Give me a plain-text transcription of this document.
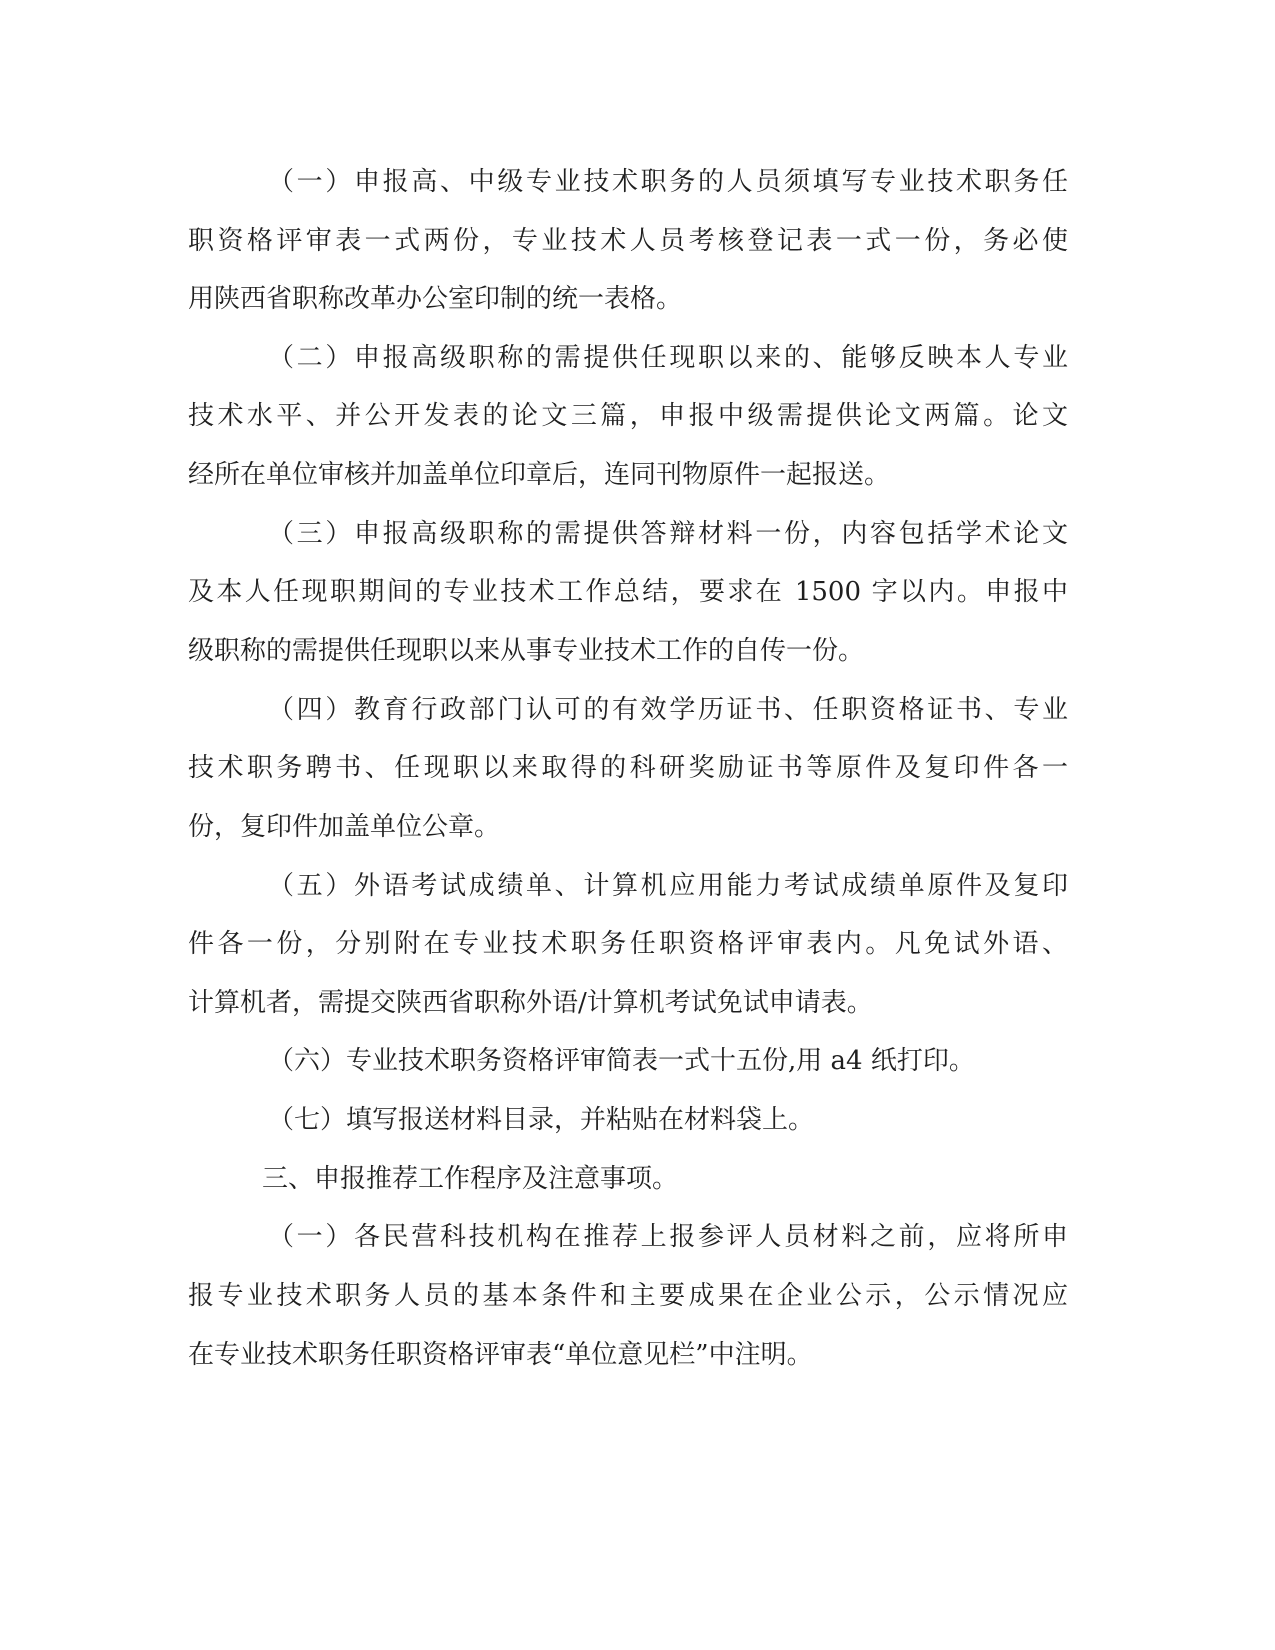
（一）申报高、中级专业技术职务的人员须填写专业技术职务任

职资格评审表一式两份，专业技术人员考核登记表一式一份，务必使

用陕西省职称改革办公室印制的统一表格。

（二）申报高级职称的需提供任现职以来的、能够反映本人专业

技术水平、并公开发表的论文三篇，申报中级需提供论文两篇。论文

经所在单位审核并加盖单位印章后，连同刊物原件一起报送。

（三）申报高级职称的需提供答辩材料一份，内容包括学术论文

及本人任现职期间的专业技术工作总结，要求在 1500 字以内。申报中

级职称的需提供任现职以来从事专业技术工作的自传一份。

（四）教育行政部门认可的有效学历证书、任职资格证书、专业

技术职务聘书、任现职以来取得的科研奖励证书等原件及复印件各一

份，复印件加盖单位公章。

（五）外语考试成绩单、计算机应用能力考试成绩单原件及复印

件各一份，分别附在专业技术职务任职资格评审表内。凡免试外语、

计算机者，需提交陕西省职称外语/计算机考试免试申请表。

（六）专业技术职务资格评审简表一式十五份,用 a4 纸打印。

（七）填写报送材料目录，并粘贴在材料袋上。

三、申报推荐工作程序及注意事项。

（一）各民营科技机构在推荐上报参评人员材料之前，应将所申

报专业技术职务人员的基本条件和主要成果在企业公示，公示情况应

在专业技术职务任职资格评审表“单位意见栏”中注明。
